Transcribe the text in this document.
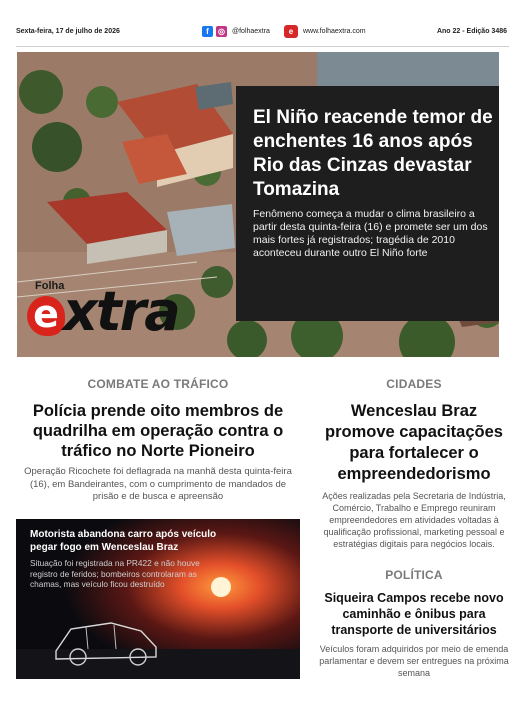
Sexta-feira, 17 de julho de 2026	f	◎ @folhaextra	e	www.folhaextra.com	Ano 22 - Edição 3486
El Niño reacende temor de enchentes 16 anos após Rio das Cinzas devastar Tomazina
Fenômeno começa a mudar o clima brasileiro a partir desta quinta-feira (16) e promete ser um dos mais fortes já registrados; tragédia de 2010 aconteceu durante outro El Niño forte
e
Folha
xtra
COMBATE AO TRÁFICO
Polícia prende oito membros de quadrilha em operação contra o tráfico no Norte Pioneiro
Operação Ricochete foi deflagrada na manhã desta quinta-feira (16), em Bandeirantes, com o cumprimento de mandados de prisão e de busca e apreensão
Motorista abandona carro após veículo pegar fogo em Wenceslau Braz
Situação foi registrada na PR422 e não houve registro de feridos; bombeiros controlaram as chamas, mas veículo ficou destruído
CIDADES
Wenceslau Braz promove capacitações para fortalecer o empreendedorismo
Ações realizadas pela Secretaria de Indústria, Comércio, Trabalho e Emprego reuniram empreendedores em atividades voltadas à qualificação profissional, marketing pessoal e estratégias digitais para negócios locais.
POLÍTICA
Siqueira Campos recebe novo caminhão e ônibus para transporte de universitários
Veículos foram adquiridos por meio de emenda parlamentar e devem ser entregues na próxima semana
